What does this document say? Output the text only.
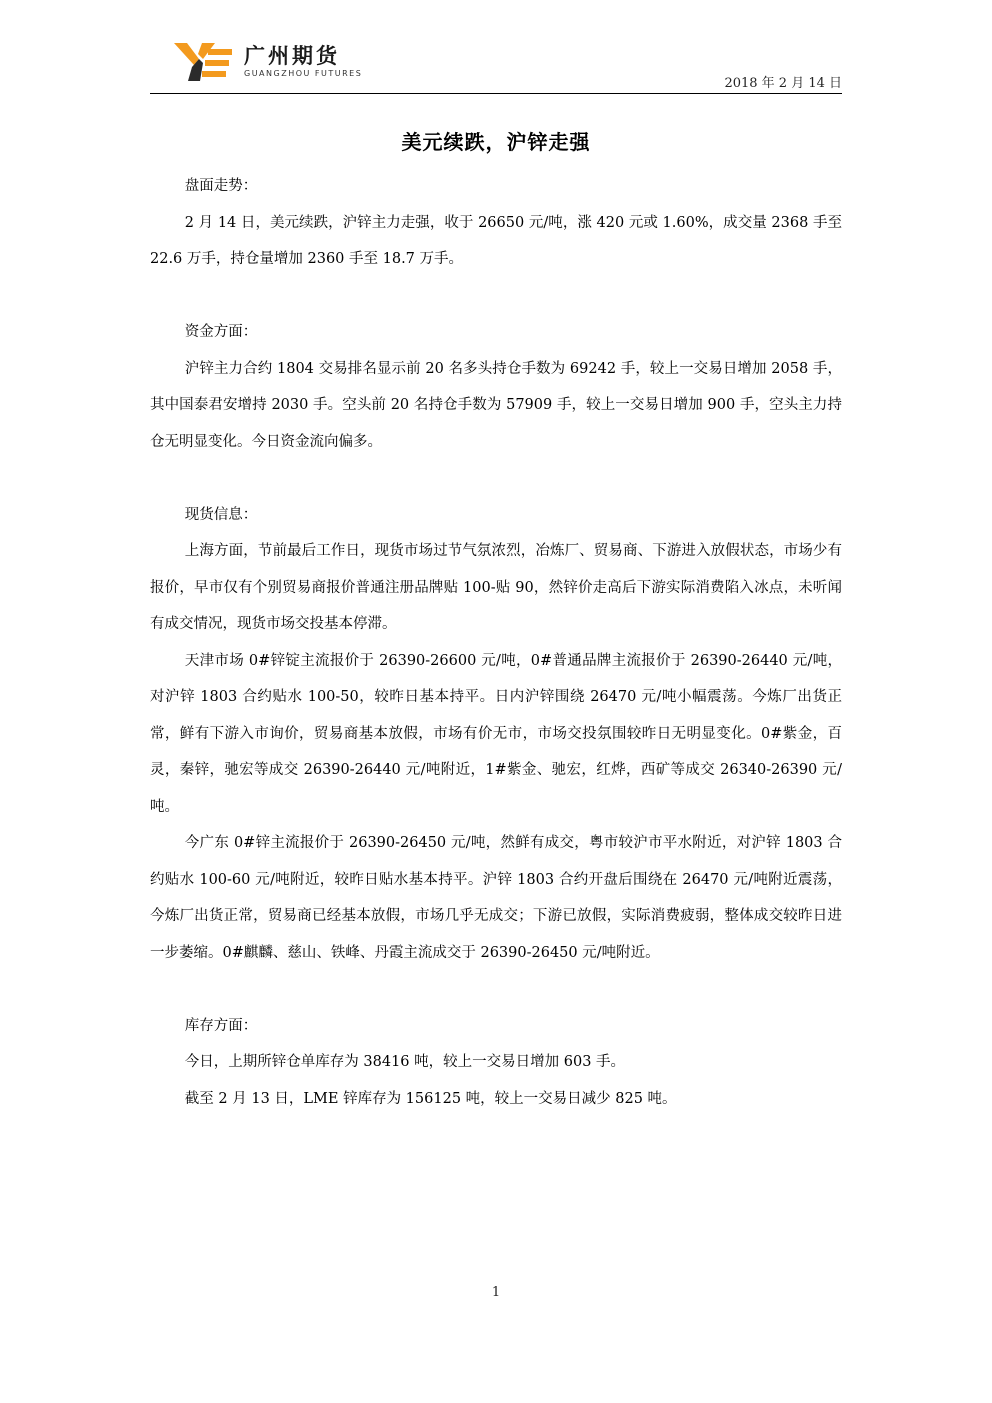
广州期货
GUANGZHOU FUTURES
2018 年 2 月 14 日
美元续跌，沪锌走强

盘面走势：

2 月 14 日，美元续跌，沪锌主力走强，收于 26650 元/吨，涨 420 元或 1.60%，成交量 2368 手至 22.6 万手，持仓量增加 2360 手至 18.7 万手。

资金方面：

沪锌主力合约 1804 交易排名显示前 20 名多头持仓手数为 69242 手，较上一交易日增加 2058 手，其中国泰君安增持 2030 手。空头前 20 名持仓手数为 57909 手，较上一交易日增加 900 手，空头主力持仓无明显变化。今日资金流向偏多。

现货信息：

上海方面，节前最后工作日，现货市场过节气氛浓烈，冶炼厂、贸易商、下游进入放假状态，市场少有报价，早市仅有个别贸易商报价普通注册品牌贴 100-贴 90，然锌价走高后下游实际消费陷入冰点，未听闻有成交情况，现货市场交投基本停滞。

天津市场 0#锌锭主流报价于 26390-26600 元/吨，0#普通品牌主流报价于 26390-26440 元/吨，对沪锌 1803 合约贴水 100-50，较昨日基本持平。日内沪锌围绕 26470 元/吨小幅震荡。今炼厂出货正常，鲜有下游入市询价，贸易商基本放假，市场有价无市，市场交投氛围较昨日无明显变化。0#紫金，百灵，秦锌，驰宏等成交 26390-26440 元/吨附近，1#紫金、驰宏，红烨，西矿等成交 26340-26390 元/吨。

今广东 0#锌主流报价于 26390-26450 元/吨，然鲜有成交，粤市较沪市平水附近，对沪锌 1803 合约贴水 100-60 元/吨附近，较昨日贴水基本持平。沪锌 1803 合约开盘后围绕在 26470 元/吨附近震荡，今炼厂出货正常，贸易商已经基本放假，市场几乎无成交；下游已放假，实际消费疲弱，整体成交较昨日进一步萎缩。0#麒麟、慈山、铁峰、丹霞主流成交于 26390-26450 元/吨附近。

库存方面：

今日，上期所锌仓单库存为 38416 吨，较上一交易日增加 603 手。

截至 2 月 13 日，LME 锌库存为 156125 吨，较上一交易日减少 825 吨。

1
